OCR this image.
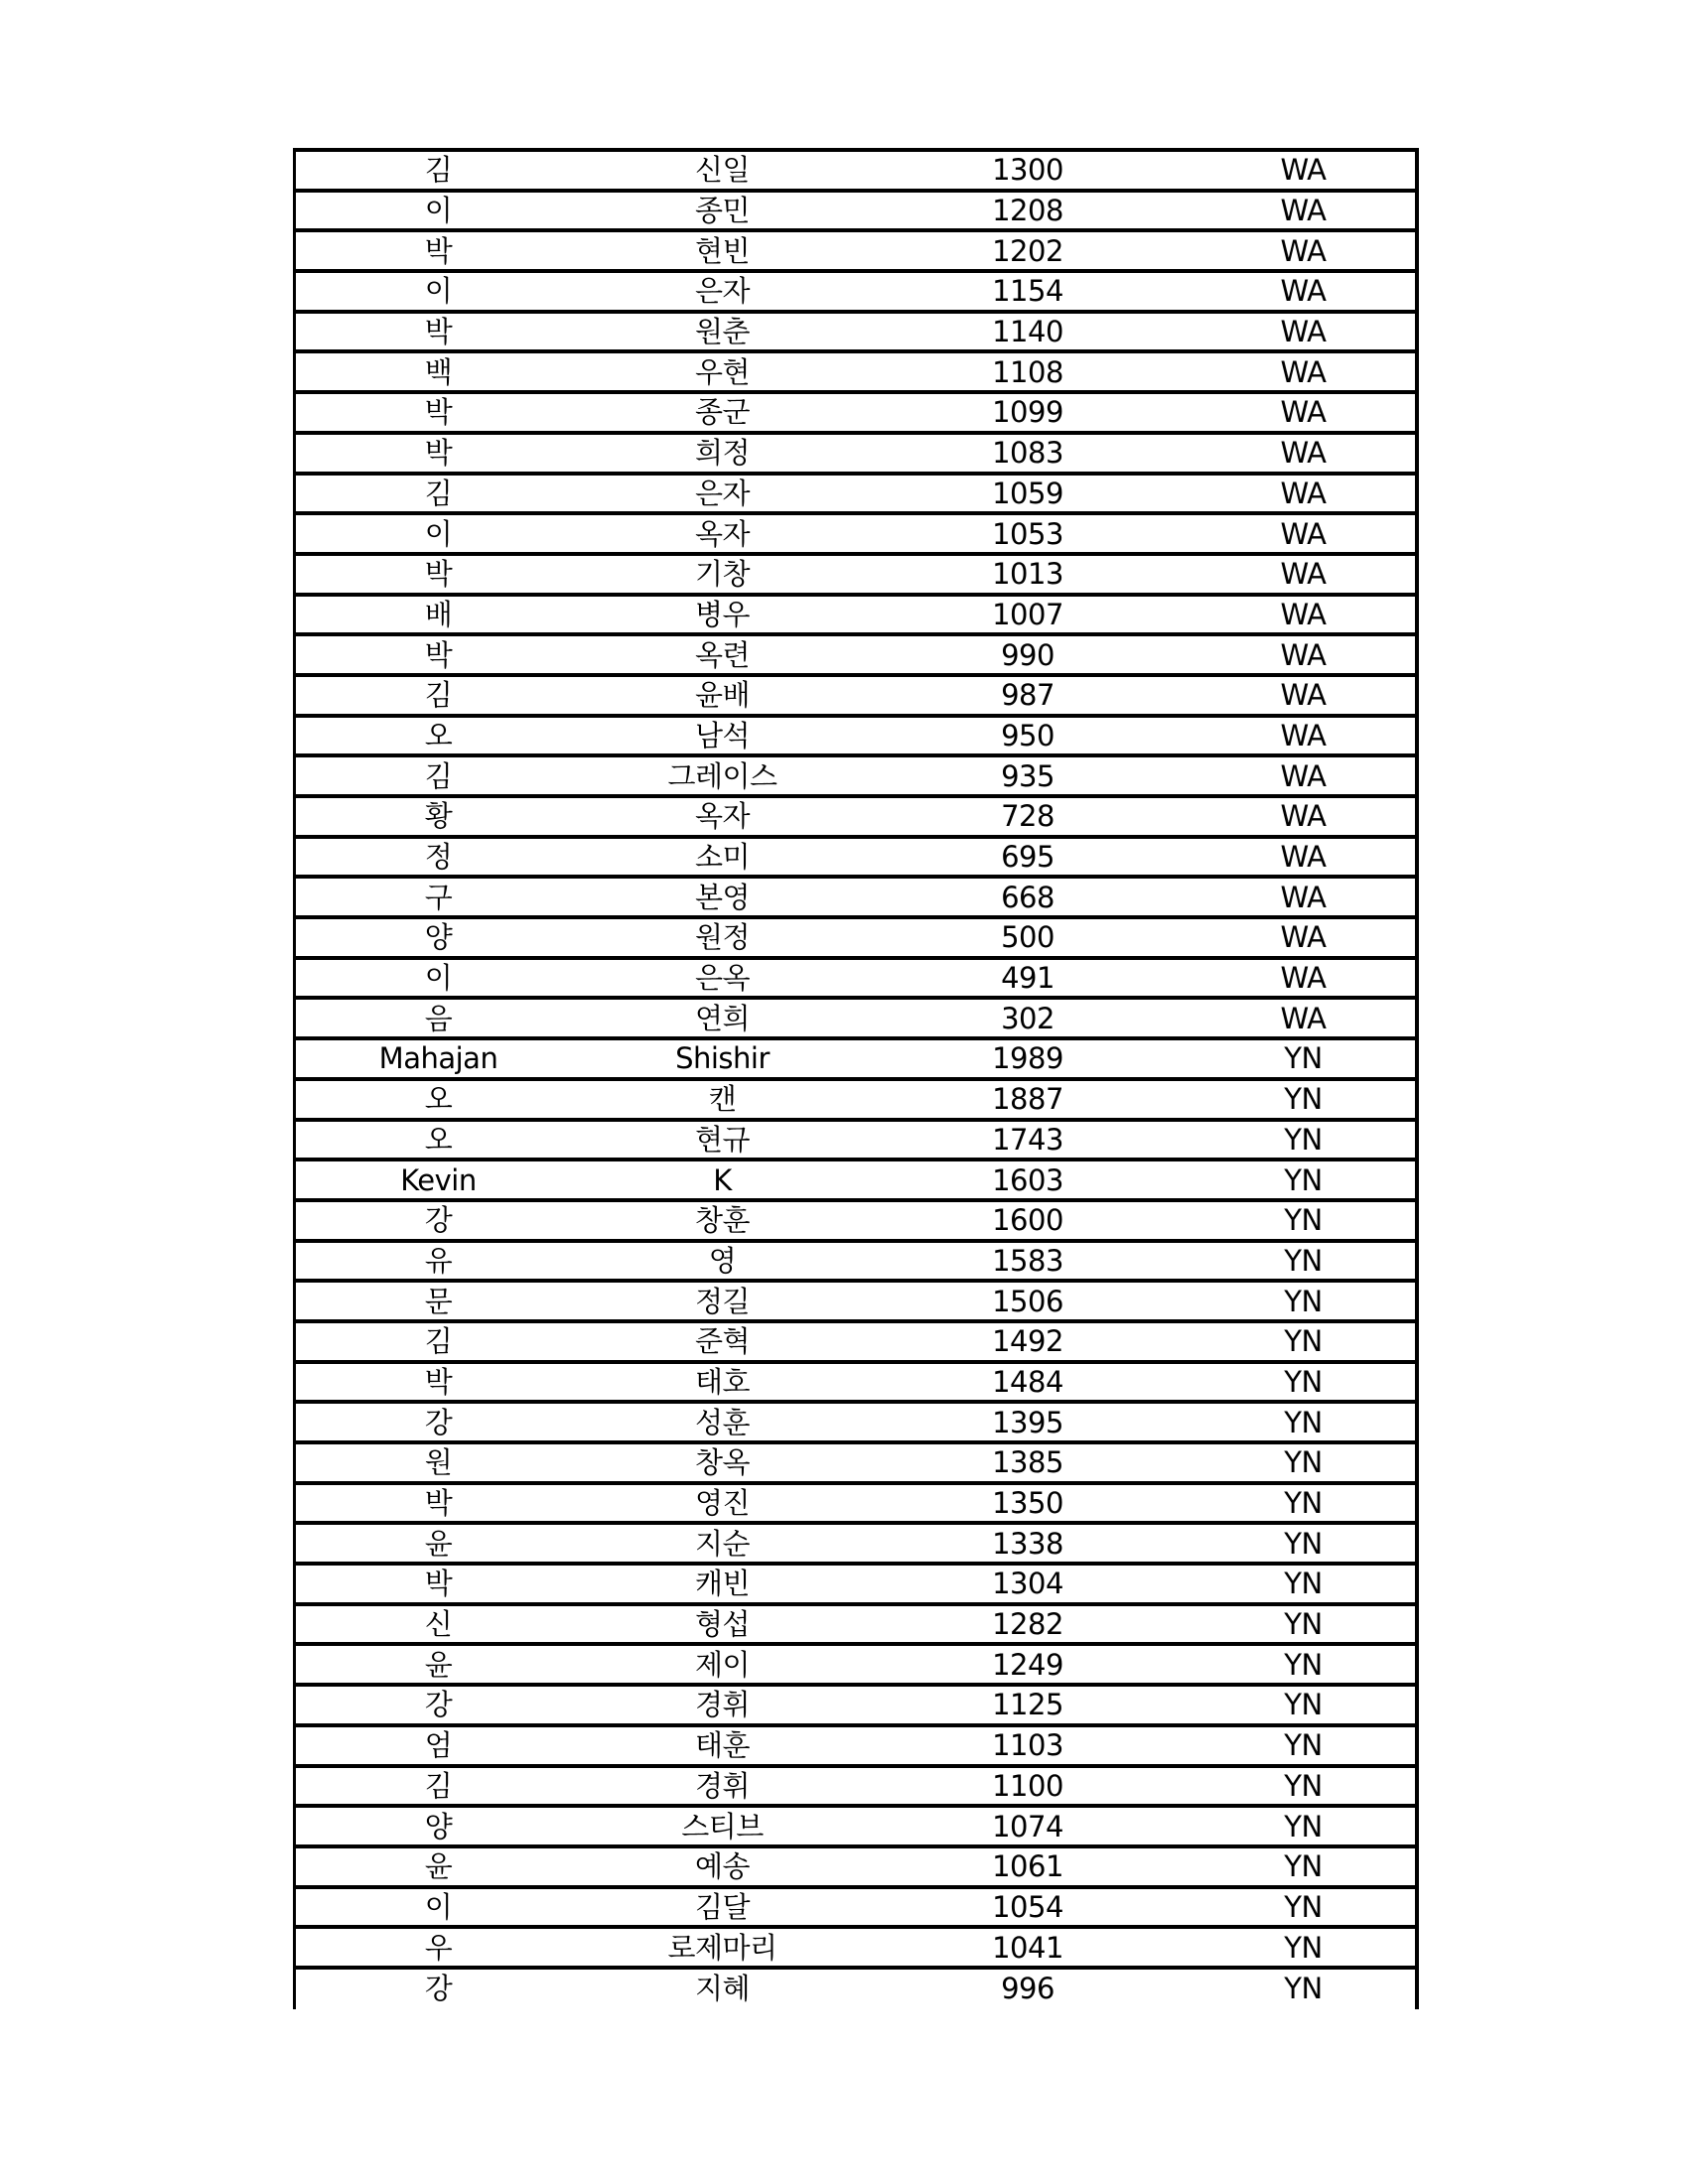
김	신일	1300	WA
이	종민	1208	WA
박	현빈	1202	WA
이	은자	1154	WA
박	원춘	1140	WA
백	우현	1108	WA
박	종군	1099	WA
박	희정	1083	WA
김	은자	1059	WA
이	옥자	1053	WA
박	기창	1013	WA
배	병우	1007	WA
박	옥련	990	WA
김	윤배	987	WA
오	남석	950	WA
김	그레이스	935	WA
황	옥자	728	WA
정	소미	695	WA
구	본영	668	WA
양	원정	500	WA
이	은옥	491	WA
음	연희	302	WA
Mahajan	Shishir	1989	YN
오	캔	1887	YN
오	현규	1743	YN
Kevin	K	1603	YN
강	창훈	1600	YN
유	영	1583	YN
문	정길	1506	YN
김	준혁	1492	YN
박	태호	1484	YN
강	성훈	1395	YN
원	창옥	1385	YN
박	영진	1350	YN
윤	지순	1338	YN
박	캐빈	1304	YN
신	형섭	1282	YN
윤	제이	1249	YN
강	경휘	1125	YN
엄	태훈	1103	YN
김	경휘	1100	YN
양	스티브	1074	YN
윤	예송	1061	YN
이	김달	1054	YN
우	로제마리	1041	YN
강	지혜	996	YN
